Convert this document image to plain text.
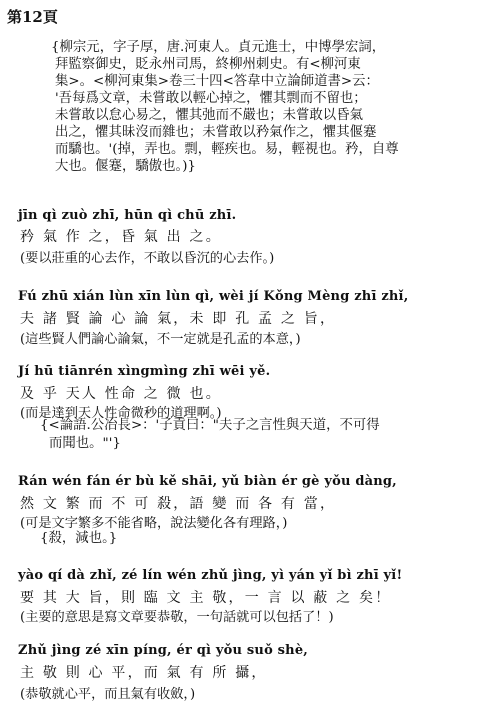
第12頁
{柳宗元，字子厚，唐.河東人。貞元進士，中博學宏詞，
拜監察御史，貶永州司馬，終柳州刺史。有<柳河東
集>。<柳河東集>卷三十四<答韋中立論師道書>云：
'吾每爲文章，未嘗敢以輕心掉之，懼其剽而不留也；
未嘗敢以怠心易之，懼其弛而不嚴也；未嘗敢以昏氣
出之，懼其昧沒而雜也；未嘗敢以矜氣作之，懼其偃蹇
而驕也。'(掉，弄也。剽，輕疾也。易，輕視也。矜，自尊
大也。偃蹇，驕傲也。)}
jīn qì zuò zhī, hūn qì chū zhī.
矜 氣 作 之，昏 氣 出 之。
(要以莊重的心去作，不敢以昏沉的心去作。)
Fú zhū xián lùn xīn lùn qì, wèi jí Kǒng Mèng zhī zhǐ,
夫 諸 賢 論 心 論 氣，未 即 孔 孟 之 旨，
(這些賢人們論心論氣，不一定就是孔孟的本意，)
Jí hū tiānrén xìngmìng zhī wēi yě.
及 乎 天人 性命 之 微 也。
(而是達到天人性命微秒的道理啊。)
{<論語.公冶長>：'子貢曰："夫子之言性與天道，不可得
而聞也。"'}
Rán wén fán ér bù kě shāi, yǔ biàn ér gè yǒu dàng,
然 文 繁 而 不 可 殺，語 變 而 各 有 當，
(可是文字繁多不能省略，說法變化各有理路，)
{殺，減也。}
yào qí dà zhǐ, zé lín wén zhǔ jìng, yì yán yǐ bì zhī yǐ!
要 其 大 旨，則 臨 文 主 敬，一 言 以 蔽 之 矣！
(主要的意思是寫文章要恭敬，一句話就可以包括了！)
Zhǔ jìng zé xīn píng, ér qì yǒu suǒ shè,
主 敬 則 心 平，而 氣 有 所 攝，
(恭敬就心平，而且氣有收斂，)
